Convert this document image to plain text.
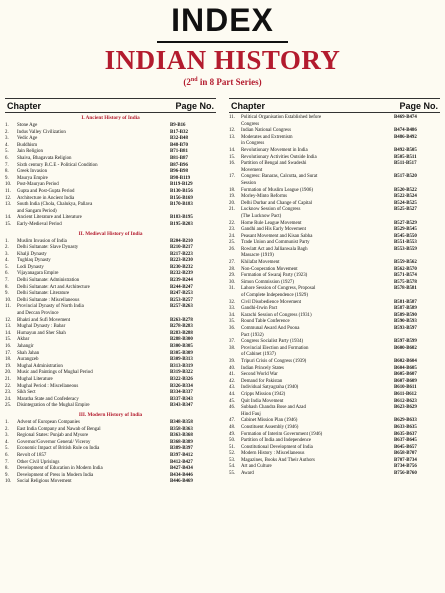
INDEX
INDIAN HISTORY
(2nd in 8 Part Series)
Chapter	Page No.
I. Ancient History of India
1.	Stone Age	B9-B16
2.	Indus Valley Civilization	B17-B32
3.	Vedic Age	B32-B48
4.	Buddhism	B48-B70
5.	Jain Religion	B71-B81
6.	Shaiva, Bhagavata Religion	B81-B87
7.	Sixth century B.C.E - Political Condition	B87-B96
8.	Greek Invasion	B96-B98
9.	Maurya Empire	B98-B119
10.	Post-Mauryan Period	B119-B129
11.	Gupta and Post-Gupta Period	B130-B156
12.	Architecture in Ancient India	B156-B169
13.	South India (Chola, Chalukya, Pallava	B170-B183
and Sangam Period)
14.	Ancient Literature and Literature	B183-B195
15.	Early-Medieval Period	B195-B203
II. Medieval History of India
1.	Muslim Invasion of India	B204-B210
2.	Delhi Sultanate: Slave Dynasty	B210-B217
3.	Khalji Dynasty	B217-B223
4.	Tughlaq Dynasty	B223-B230
5.	Lodi Dynasty	B230-B232
6.	Vijayanagara Empire	B232-B239
7.	Delhi Sultanate: Administration	B239-B244
8.	Delhi Sultanate: Art and Architecture	B244-B247
9.	Delhi Sultanate: Literature	B247-B253
10.	Delhi Sultanate : Miscellaneous	B253-B257
11.	Provincial Dynasty of North India	B257-B263
and Deccan Province
12.	Bhakti and Sufi Movement	B263-B278
13.	Mughal Dynasty : Babar	B278-B283
14.	Humayun and Sher Shah	B283-B288
15.	Akbar	B288-B300
16.	Jahangir	B300-B305
17.	Shah Jahan	B305-B309
18.	Aurangzeb	B309-B313
19.	Mughal Administration	B313-B319
20.	Music and Paintings of Mughal Period	B319-B322
21.	Mughal Literature	B322-B326
22.	Mughal Period : Miscellaneous	B326-B334
23.	Sikh Sect	B334-B337
24.	Maratha State and Confederacy	B337-B343
25.	Disintegration of the Mughal Empire	B343-B347
III. Modern History of India
1.	Advent of European Companies	B348-B358
2.	East India Company and Nawab of Bengal	B358-B363
3.	Regional States: Punjab and Mysore	B363-B368
4.	Governor/Governor General/ Viceroy	B368-B389
5.	Economic Impact of British Rule on India	B389-B397
6.	Revolt of 1857	B397-B412
7.	Other Civil Uprisings	B412-B427
8.	Development of Education in Modern India	B427-B434
9.	Development of Press in Modern India	B434-B446
10.	Social Religious Movement	B446-B469
Chapter	Page No.
11.	Political Organisation Established before	B469-B474
Congress
12.	Indian National Congress	B474-B486
13.	Moderates and Extremism	B486-B492
in Congress
14.	Revolutionary Movement in India	B492-B505
15.	Revolutionary Activities Outside India	B505-B511
16.	Partition of Bengal and Swadeshi	B511-B517
Movement
17.	Congress: Banaras, Calcutta, and Surat	B517-B520
Session
18.	Formation of Muslim League (1906)	B520-B522
19.	Morley-Minto Reforms	B522-B524
20.	Delhi Durbar and Change of Capital	B524-B525
21.	Lucknow Session of Congress	B525-B527
(The Lucknow Pact)
22.	Home Rule League Movement	B527-B529
23.	Gandhi and His Early Movement	B529-B545
24.	Peasant Movement and Kisan Sabha	B545-B550
25.	Trade Union and Communist Party	B551-B553
26.	Rowlatt Act and Jallianwala Bagh	B553-B559
Massacre (1919)
27.	Khilafat Movement	B559-B562
28.	Non-Cooperation Movement	B562-B570
29.	Formation of Swaraj Party (1923)	B571-B574
30.	Simon Commission (1927)	B575-B578
31.	Lahore Session of Congress, Proposal	B578-B581
of Complete Independence (1929)
32.	Civil Disobedience Movement	B581-B587
33.	Gandhi-Irwin Pact	B587-B589
34.	Karachi Session of Congress (1931)	B589-B590
35.	Round Table Conference	B590-B593
36.	Communal Award And Poona	B593-B597
Pact (1932)
37.	Congress Socialist Party (1934)	B597-B599
38.	Provincial Election and Formation	B600-B602
of Cabinet (1937)
39.	Tripuri Crisis of Congress (1939)	B602-B604
40.	Indian Princely States	B604-B605
41.	Second World War	B605-B607
42.	Demand for Pakistan	B607-B609
43.	Individual Satyagraha (1940)	B610-B611
44.	Cripps Mission (1942)	B611-B612
45.	Quit India Movement	B612-B623
46.	Subhash Chandra Bose and Azad	B623-B629
Hind Fauj
47.	Cabinet Mission Plan (1946)	B629-B633
48.	Constituent Assembly (1946)	B633-B635
49.	Formation of Interim Government (1946)	B635-B637
50.	Partition of India and Independence	B637-B645
51.	Constitutional Development of India	B645-B657
52.	Modern History : Miscellaneous	B658-B707
53.	Magazines, Books And Their Authors	B707-B734
54.	Art and Culture	B734-B756
55.	Award	B756-B760
